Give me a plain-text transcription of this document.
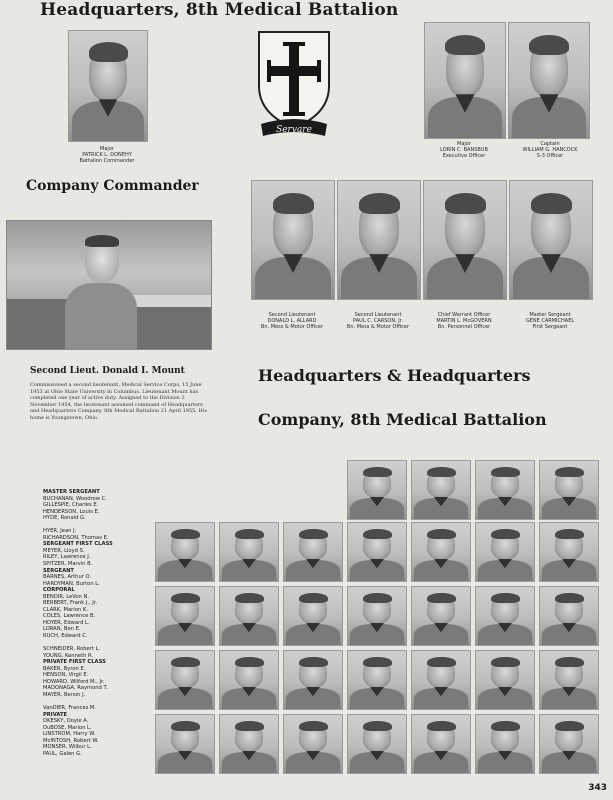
Headquarters, 8th Medical Battalion
Major
PATRICK L. DONEHY
Battalion Commander
Servare
Major
LORIN C. BANSBUB
Executive Officer
Captain
WILLIAM G. HANCOCK
S-3 Officer
Company Commander
Second Lieut. Donald I. Mount
Commissioned a second lieutenant, Medical Service Corps, 15 June 1953 at Ohio State University in Columbus. Lieutenant Mount has completed one year of active duty. Assigned to the Division 2 November 1954, the lieutenant assumed command of Headquarters and Headquarters Company, 8th Medical Battalion 21 April 1955. His home is Youngstown, Ohio.
Second Lieutenant
DONALD L. ALLARD
Bn. Mess & Motor Officer
Second Lieutenant
PAUL C. CARSON, Jr.
Bn. Mess & Motor Officer
Chief Warrant Officer
MARTIN L. McGOVERN
Bn. Personnel Officer
Master Sergeant
GENE CARMICHAEL
First Sergeant
Headquarters & Headquarters
Company, 8th Medical Battalion
MASTER SERGEANT
BUCHANAN, Woodrow C.
GILLESPIE, Charles E.
HENDERSON, Louis E.
HYDE, Ronald G.

HYER, Jean J.
RICHARDSON, Thomas E.
SERGEANT FIRST CLASS
MEYER, Lloyd S.
RILEY, Lawrence J.
SPITZER, Marvin B.
SERGEANT
BARNES, Arthur O.
HARDYMAN, Burton L.
CORPORAL
BENOIR, LeVon N.
BERBERT, Frank J., Jr.
CLARK, Marion K.
COLES, Lawrence B.
HOYER, Edward L.
LORAN, Ben E.
RUCH, Edward C.

SCHNEIDER, Robert L.
YOUNG, Kenneth R.
PRIVATE FIRST CLASS
BAKER, Byron E.
HENSON, Virgil E.
HOWARD, Wilford M., Jr.
MADONAGA, Raymond T.
MAYER, Benon J.

VanDIER, Frances M.
PRIVATE
OKESKY, Doyle A.
DuBOSE, Marion L.
LINSTROM, Harry W.
McINTOSH, Robert W.
MONSER, Wilbur L.
PAUL, Galen G.
343
